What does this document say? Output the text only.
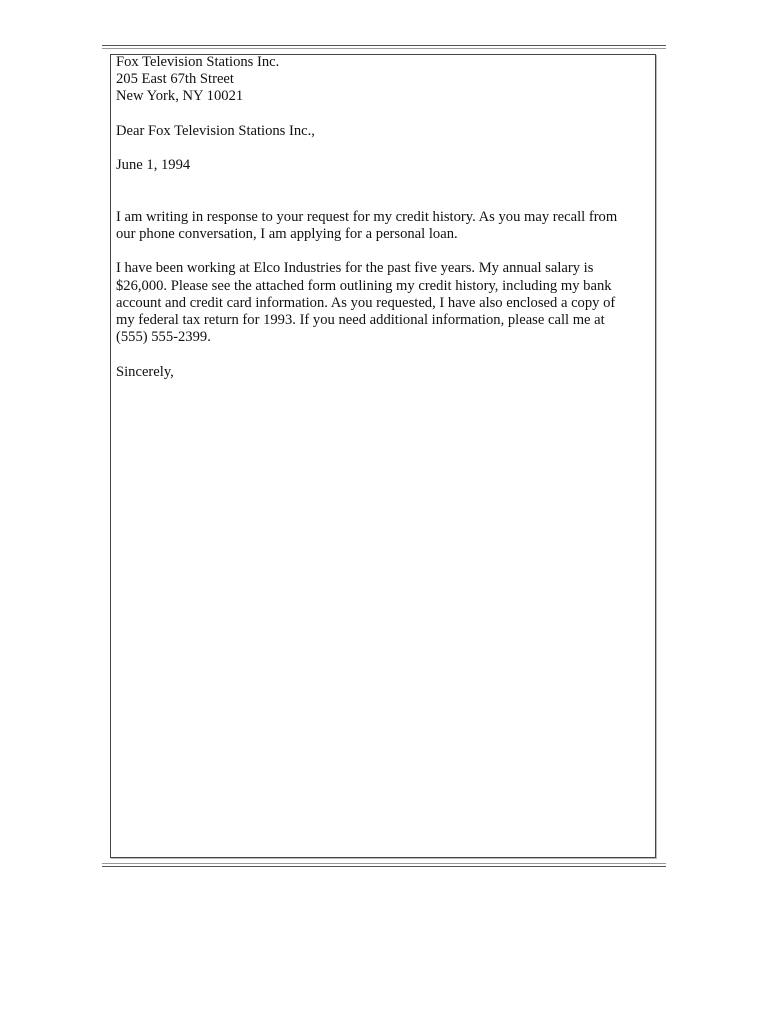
Fox Television Stations Inc.
205 East 67th Street
New York, NY 10021
Dear Fox Television Stations Inc.,
June 1, 1994
I am writing in response to your request for my credit history. As you may recall from
our phone conversation, I am applying for a personal loan.
I have been working at Elco Industries for the past five years. My annual salary is
$26,000. Please see the attached form outlining my credit history, including my bank
account and credit card information. As you requested, I have also enclosed a copy of
my federal tax return for 1993. If you need additional information, please call me at
(555) 555-2399.
Sincerely,
